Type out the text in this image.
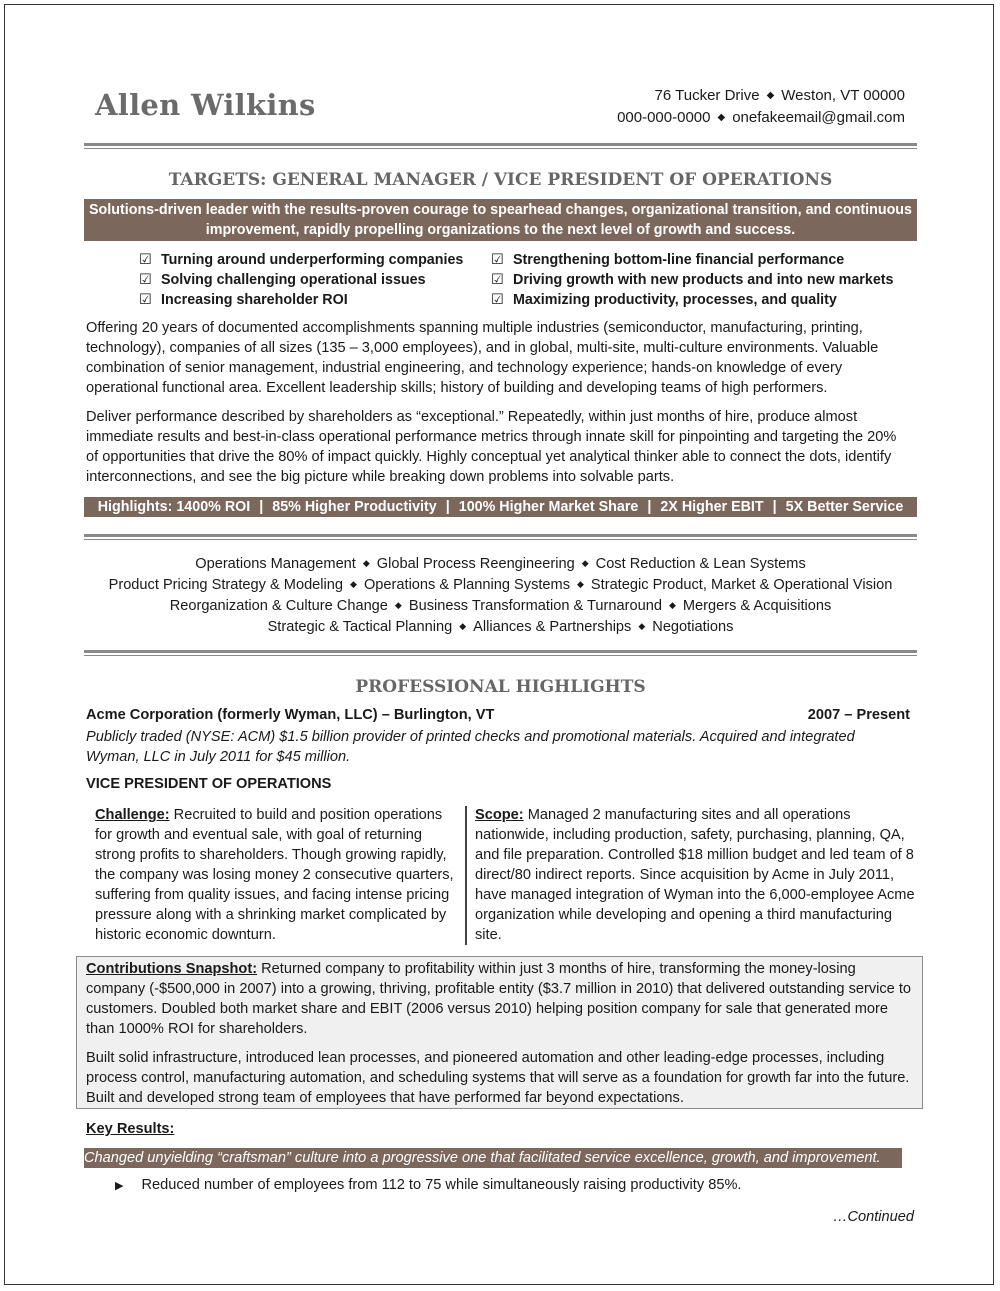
Allen Wilkins	76 Tucker Drive ◆ Weston, VT 00000
000-000-0000 ◆ onefakeemail@gmail.com
TARGETS: GENERAL MANAGER / VICE PRESIDENT OF OPERATIONS
Solutions-driven leader with the results-proven courage to spearhead changes, organizational transition, and continuous
improvement, rapidly propelling organizations to the next level of growth and success.
☑ Turning around underperforming companies
☑ Solving challenging operational issues
☑ Increasing shareholder ROI
☑ Strengthening bottom-line financial performance
☑ Driving growth with new products and into new markets
☑ Maximizing productivity, processes, and quality

Offering 20 years of documented accomplishments spanning multiple industries (semiconductor, manufacturing, printing, technology), companies of all sizes (135 – 3,000 employees), and in global, multi-site, multi-culture environments. Valuable combination of senior management, industrial engineering, and technology experience; hands-on knowledge of every operational functional area. Excellent leadership skills; history of building and developing teams of high performers.

Deliver performance described by shareholders as “exceptional.” Repeatedly, within just months of hire, produce almost immediate results and best-in-class operational performance metrics through innate skill for pinpointing and targeting the 20% of opportunities that drive the 80% of impact quickly. Highly conceptual yet analytical thinker able to connect the dots, identify interconnections, and see the big picture while breaking down problems into solvable parts.

Highlights: 1400% ROI | 85% Higher Productivity | 100% Higher Market Share | 2X Higher EBIT | 5X Better Service
Operations Management ◆ Global Process Reengineering ◆ Cost Reduction & Lean Systems
Product Pricing Strategy & Modeling ◆ Operations & Planning Systems ◆ Strategic Product, Market & Operational Vision
Reorganization & Culture Change ◆ Business Transformation & Turnaround ◆ Mergers & Acquisitions
Strategic & Tactical Planning ◆ Alliances & Partnerships ◆ Negotiations
PROFESSIONAL HIGHLIGHTS
Acme Corporation (formerly Wyman, LLC) – Burlington, VT	2007 – Present
Publicly traded (NYSE: ACM) $1.5 billion provider of printed checks and promotional materials. Acquired and integrated Wyman, LLC in July 2011 for $45 million.
VICE PRESIDENT OF OPERATIONS
Challenge: Recruited to build and position operations for growth and eventual sale, with goal of returning strong profits to shareholders. Though growing rapidly, the company was losing money 2 consecutive quarters, suffering from quality issues, and facing intense pricing pressure along with a shrinking market complicated by historic economic downturn.
Scope: Managed 2 manufacturing sites and all operations nationwide, including production, safety, purchasing, planning, QA, and file preparation. Controlled $18 million budget and led team of 8 direct/80 indirect reports. Since acquisition by Acme in July 2011, have managed integration of Wyman into the 6,000-employee Acme organization while developing and opening a third manufacturing site.

Contributions Snapshot: Returned company to profitability within just 3 months of hire, transforming the money-losing company (-$500,000 in 2007) into a growing, thriving, profitable entity ($3.7 million in 2010) that delivered outstanding service to customers. Doubled both market share and EBIT (2006 versus 2010) helping position company for sale that generated more than 1000% ROI for shareholders.

Built solid infrastructure, introduced lean processes, and pioneered automation and other leading-edge processes, including process control, manufacturing automation, and scheduling systems that will serve as a foundation for growth far into the future. Built and developed strong team of employees that have performed far beyond expectations.

Key Results:
Changed unyielding “craftsman” culture into a progressive one that facilitated service excellence, growth, and improvement.
▶ Reduced number of employees from 112 to 75 while simultaneously raising productivity 85%.
…Continued
